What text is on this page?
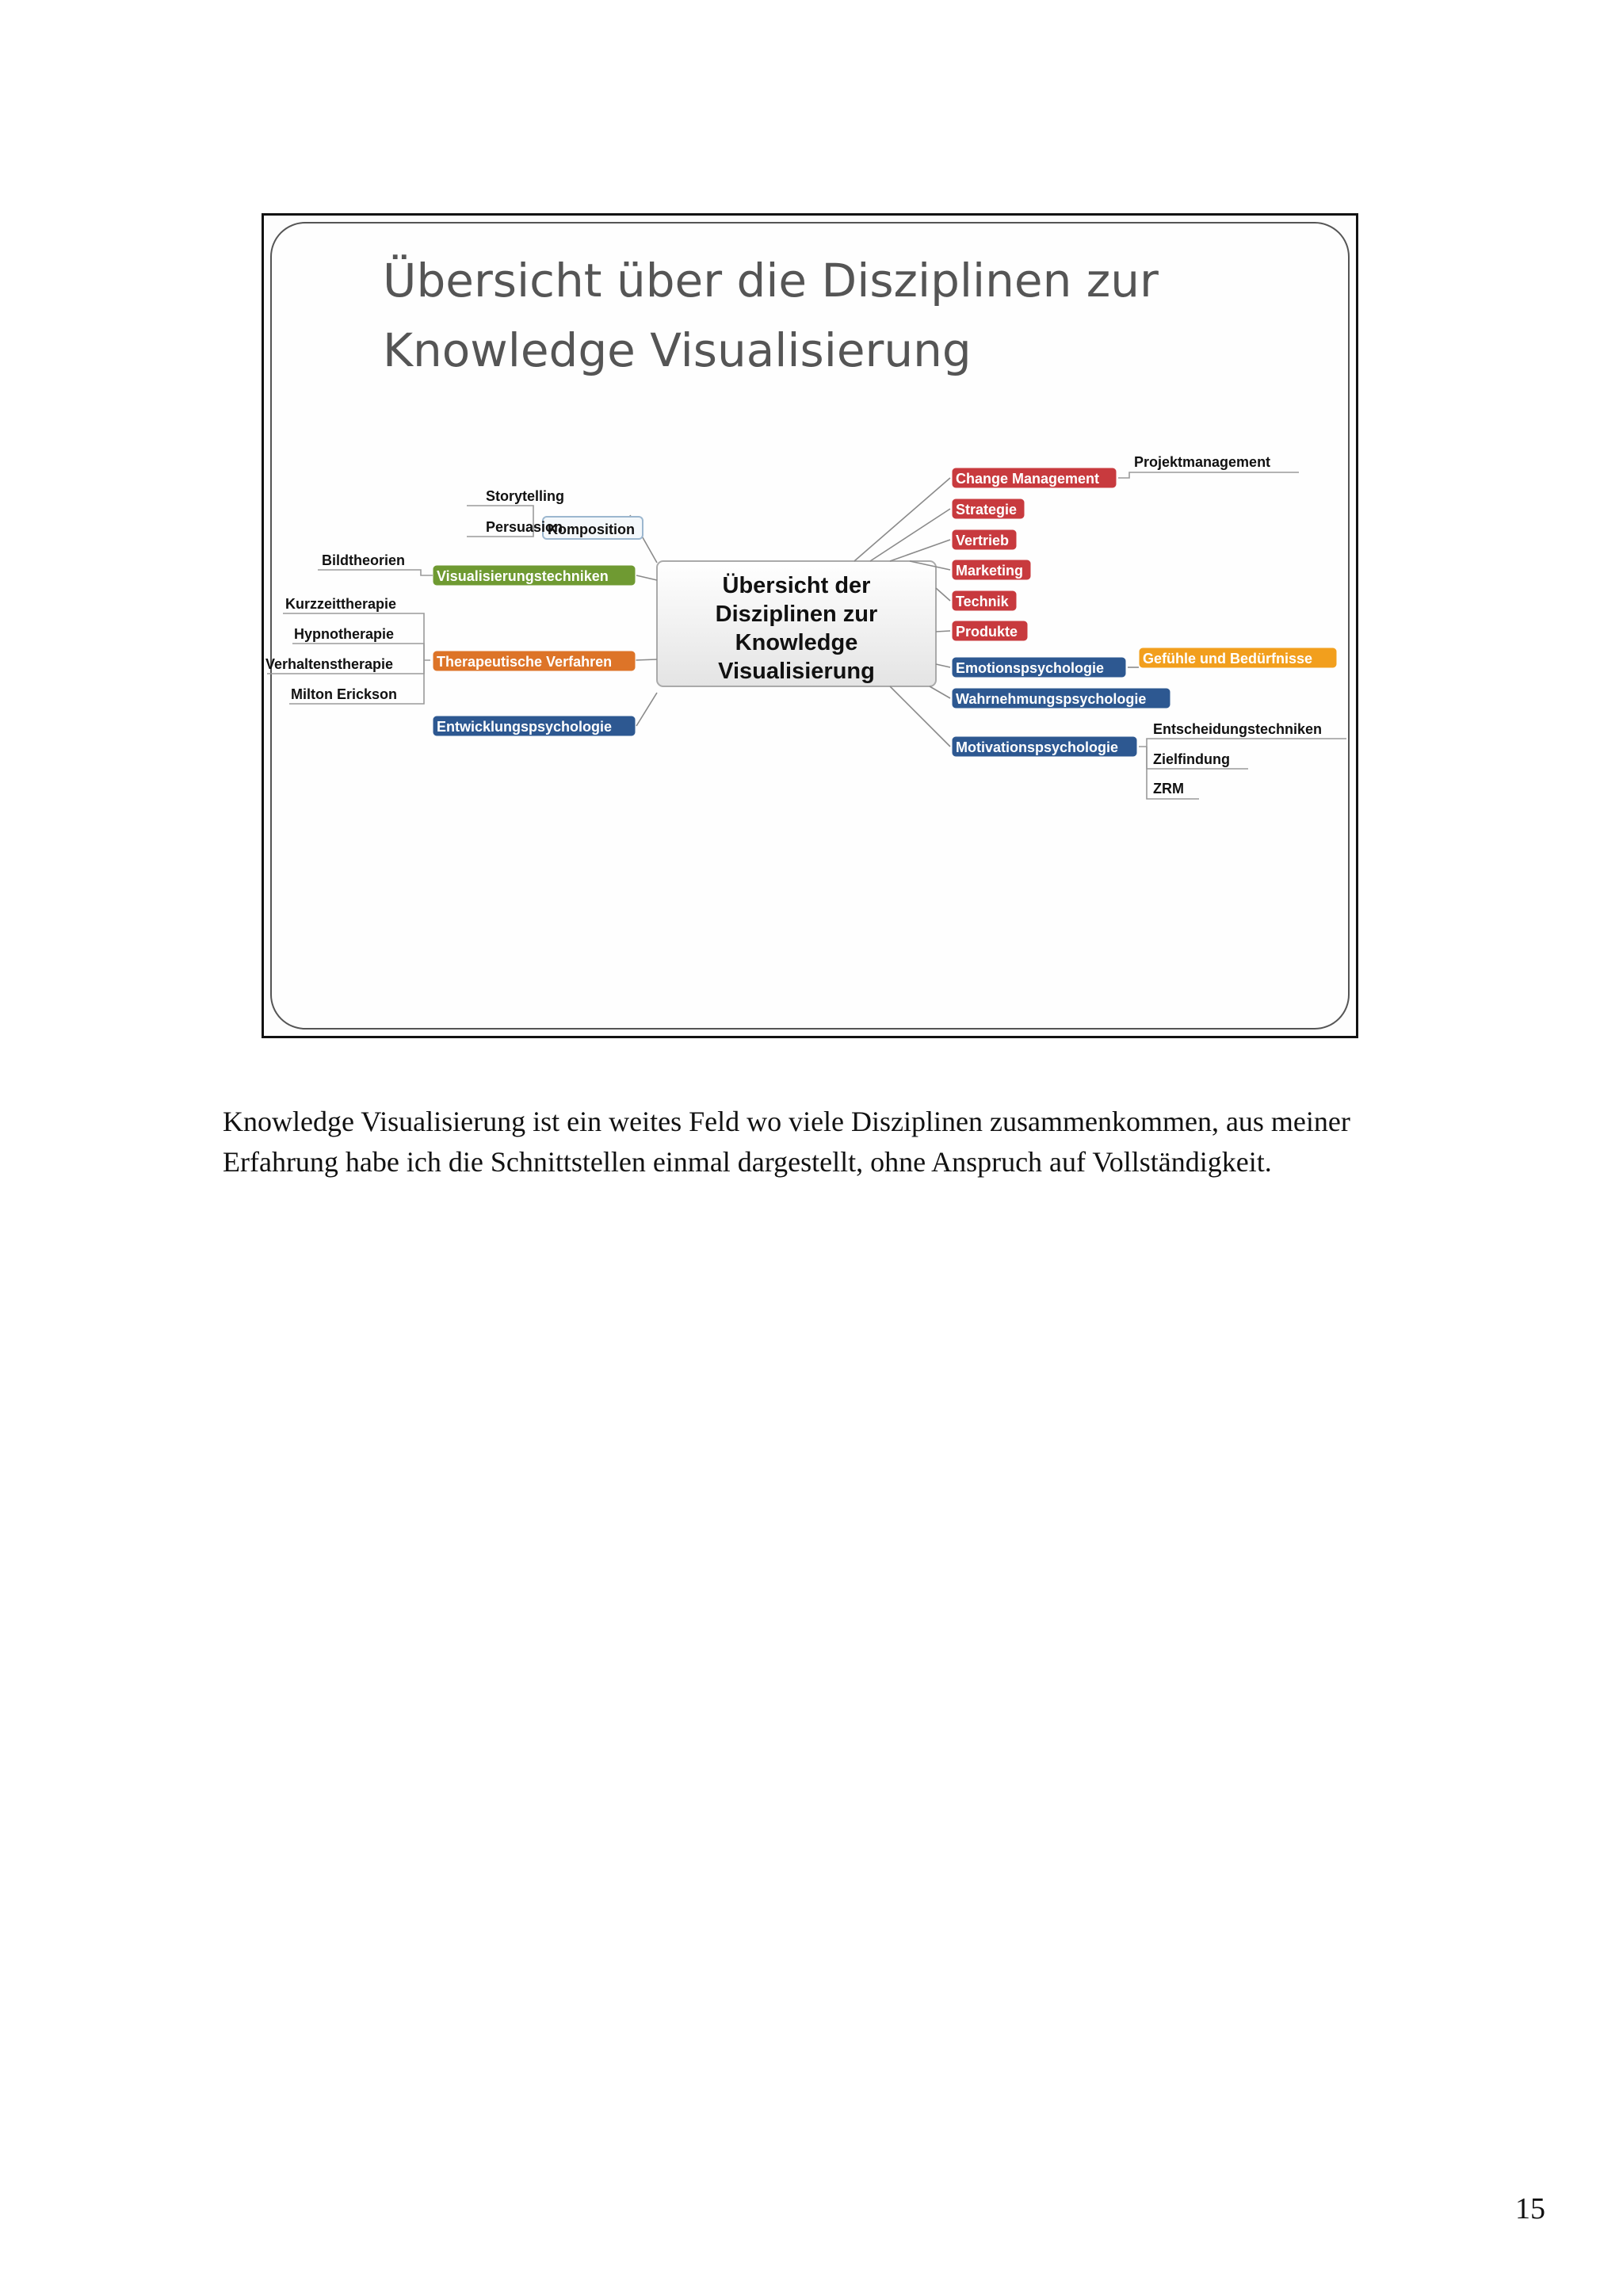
Übersicht über die Disziplinen zur
Knowledge Visualisierung
Übersicht der
Disziplinen zur
Knowledge
Visualisierung
Komposition
Storytelling
Persuasion
Visualisierungstechniken
Bildtheorien
Therapeutische Verfahren
Kurzzeittherapie
Hypnotherapie
Verhaltenstherapie
Milton Erickson
Entwicklungspsychologie
Change Management
Strategie
Vertrieb
Marketing
Technik
Produkte
Emotionspsychologie
Wahrnehmungspsychologie
Motivationspsychologie
Projektmanagement
Gefühle und Bedürfnisse
Entscheidungstechniken
Zielfindung
ZRM

Knowledge Visualisierung ist ein weites Feld wo viele Disziplinen zusammenkommen, aus meiner Erfahrung habe ich die Schnittstellen einmal dargestellt, ohne Anspruch auf Vollständigkeit.

15
